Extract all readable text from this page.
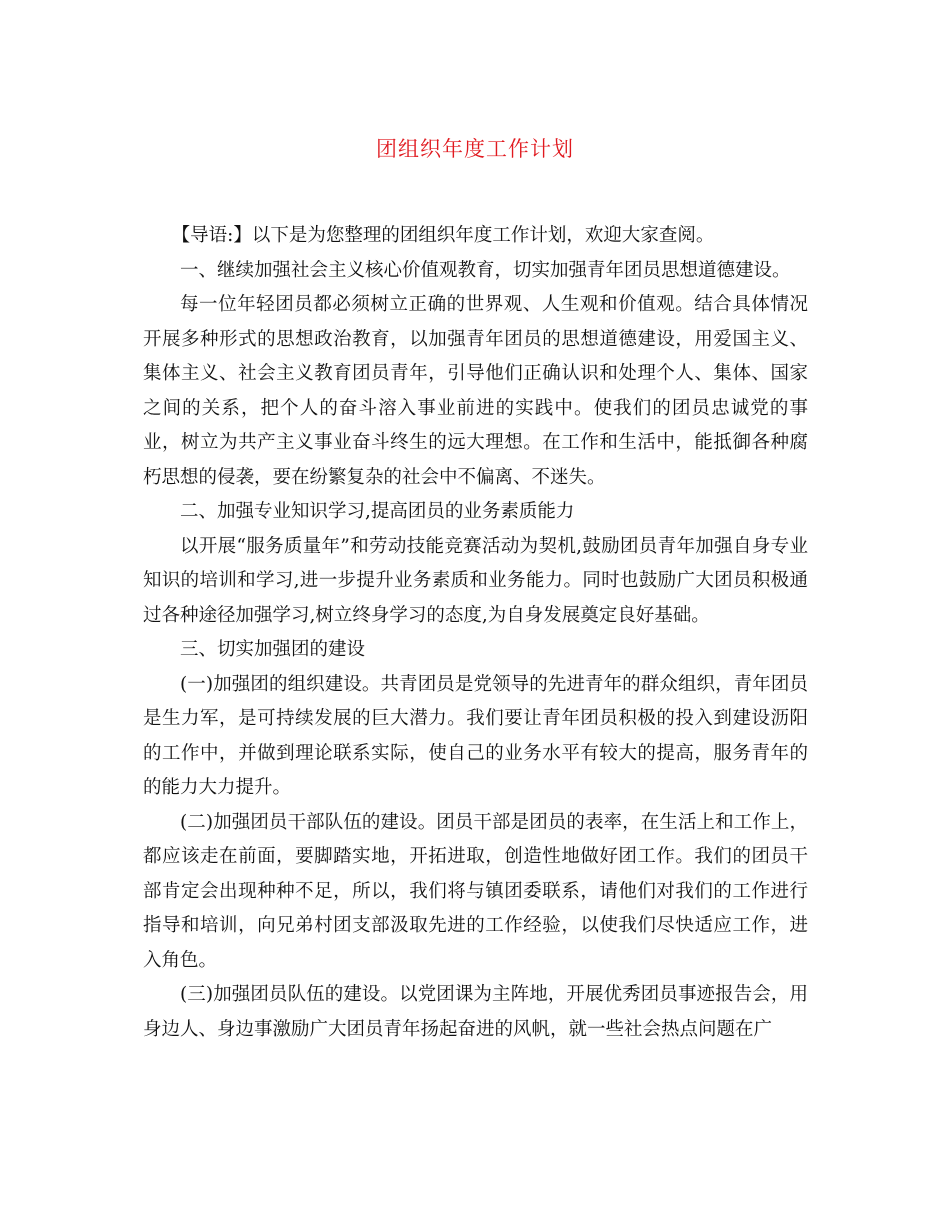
团组织年度工作计划

【导语:】以下是为您整理的团组织年度工作计划，欢迎大家查阅。

一、继续加强社会主义核心价值观教育，切实加强青年团员思想道德建设。

每一位年轻团员都必须树立正确的世界观、人生观和价值观。结合具体情况开展多种形式的思想政治教育，以加强青年团员的思想道德建设，用爱国主义、集体主义、社会主义教育团员青年，引导他们正确认识和处理个人、集体、国家之间的关系，把个人的奋斗溶入事业前进的实践中。使我们的团员忠诚党的事业，树立为共产主义事业奋斗终生的远大理想。在工作和生活中，能抵御各种腐朽思想的侵袭，要在纷繁复杂的社会中不偏离、不迷失。

二、加强专业知识学习,提高团员的业务素质能力

以开展“服务质量年”和劳动技能竞赛活动为契机,鼓励团员青年加强自身专业知识的培训和学习,进一步提升业务素质和业务能力。同时也鼓励广大团员积极通过各种途径加强学习,树立终身学习的态度,为自身发展奠定良好基础。

三、切实加强团的建设

(一)加强团的组织建设。共青团员是党领导的先进青年的群众组织，青年团员是生力军，是可持续发展的巨大潜力。我们要让青年团员积极的投入到建设沥阳的工作中，并做到理论联系实际，使自己的业务水平有较大的提高，服务青年的的能力大力提升。

(二)加强团员干部队伍的建设。团员干部是团员的表率，在生活上和工作上，都应该走在前面，要脚踏实地，开拓进取，创造性地做好团工作。我们的团员干部肯定会出现种种不足，所以，我们将与镇团委联系，请他们对我们的工作进行指导和培训，向兄弟村团支部汲取先进的工作经验，以使我们尽快适应工作，进入角色。

(三)加强团员队伍的建设。以党团课为主阵地，开展优秀团员事迹报告会，用身边人、身边事激励广大团员青年扬起奋进的风帆，就一些社会热点问题在广
